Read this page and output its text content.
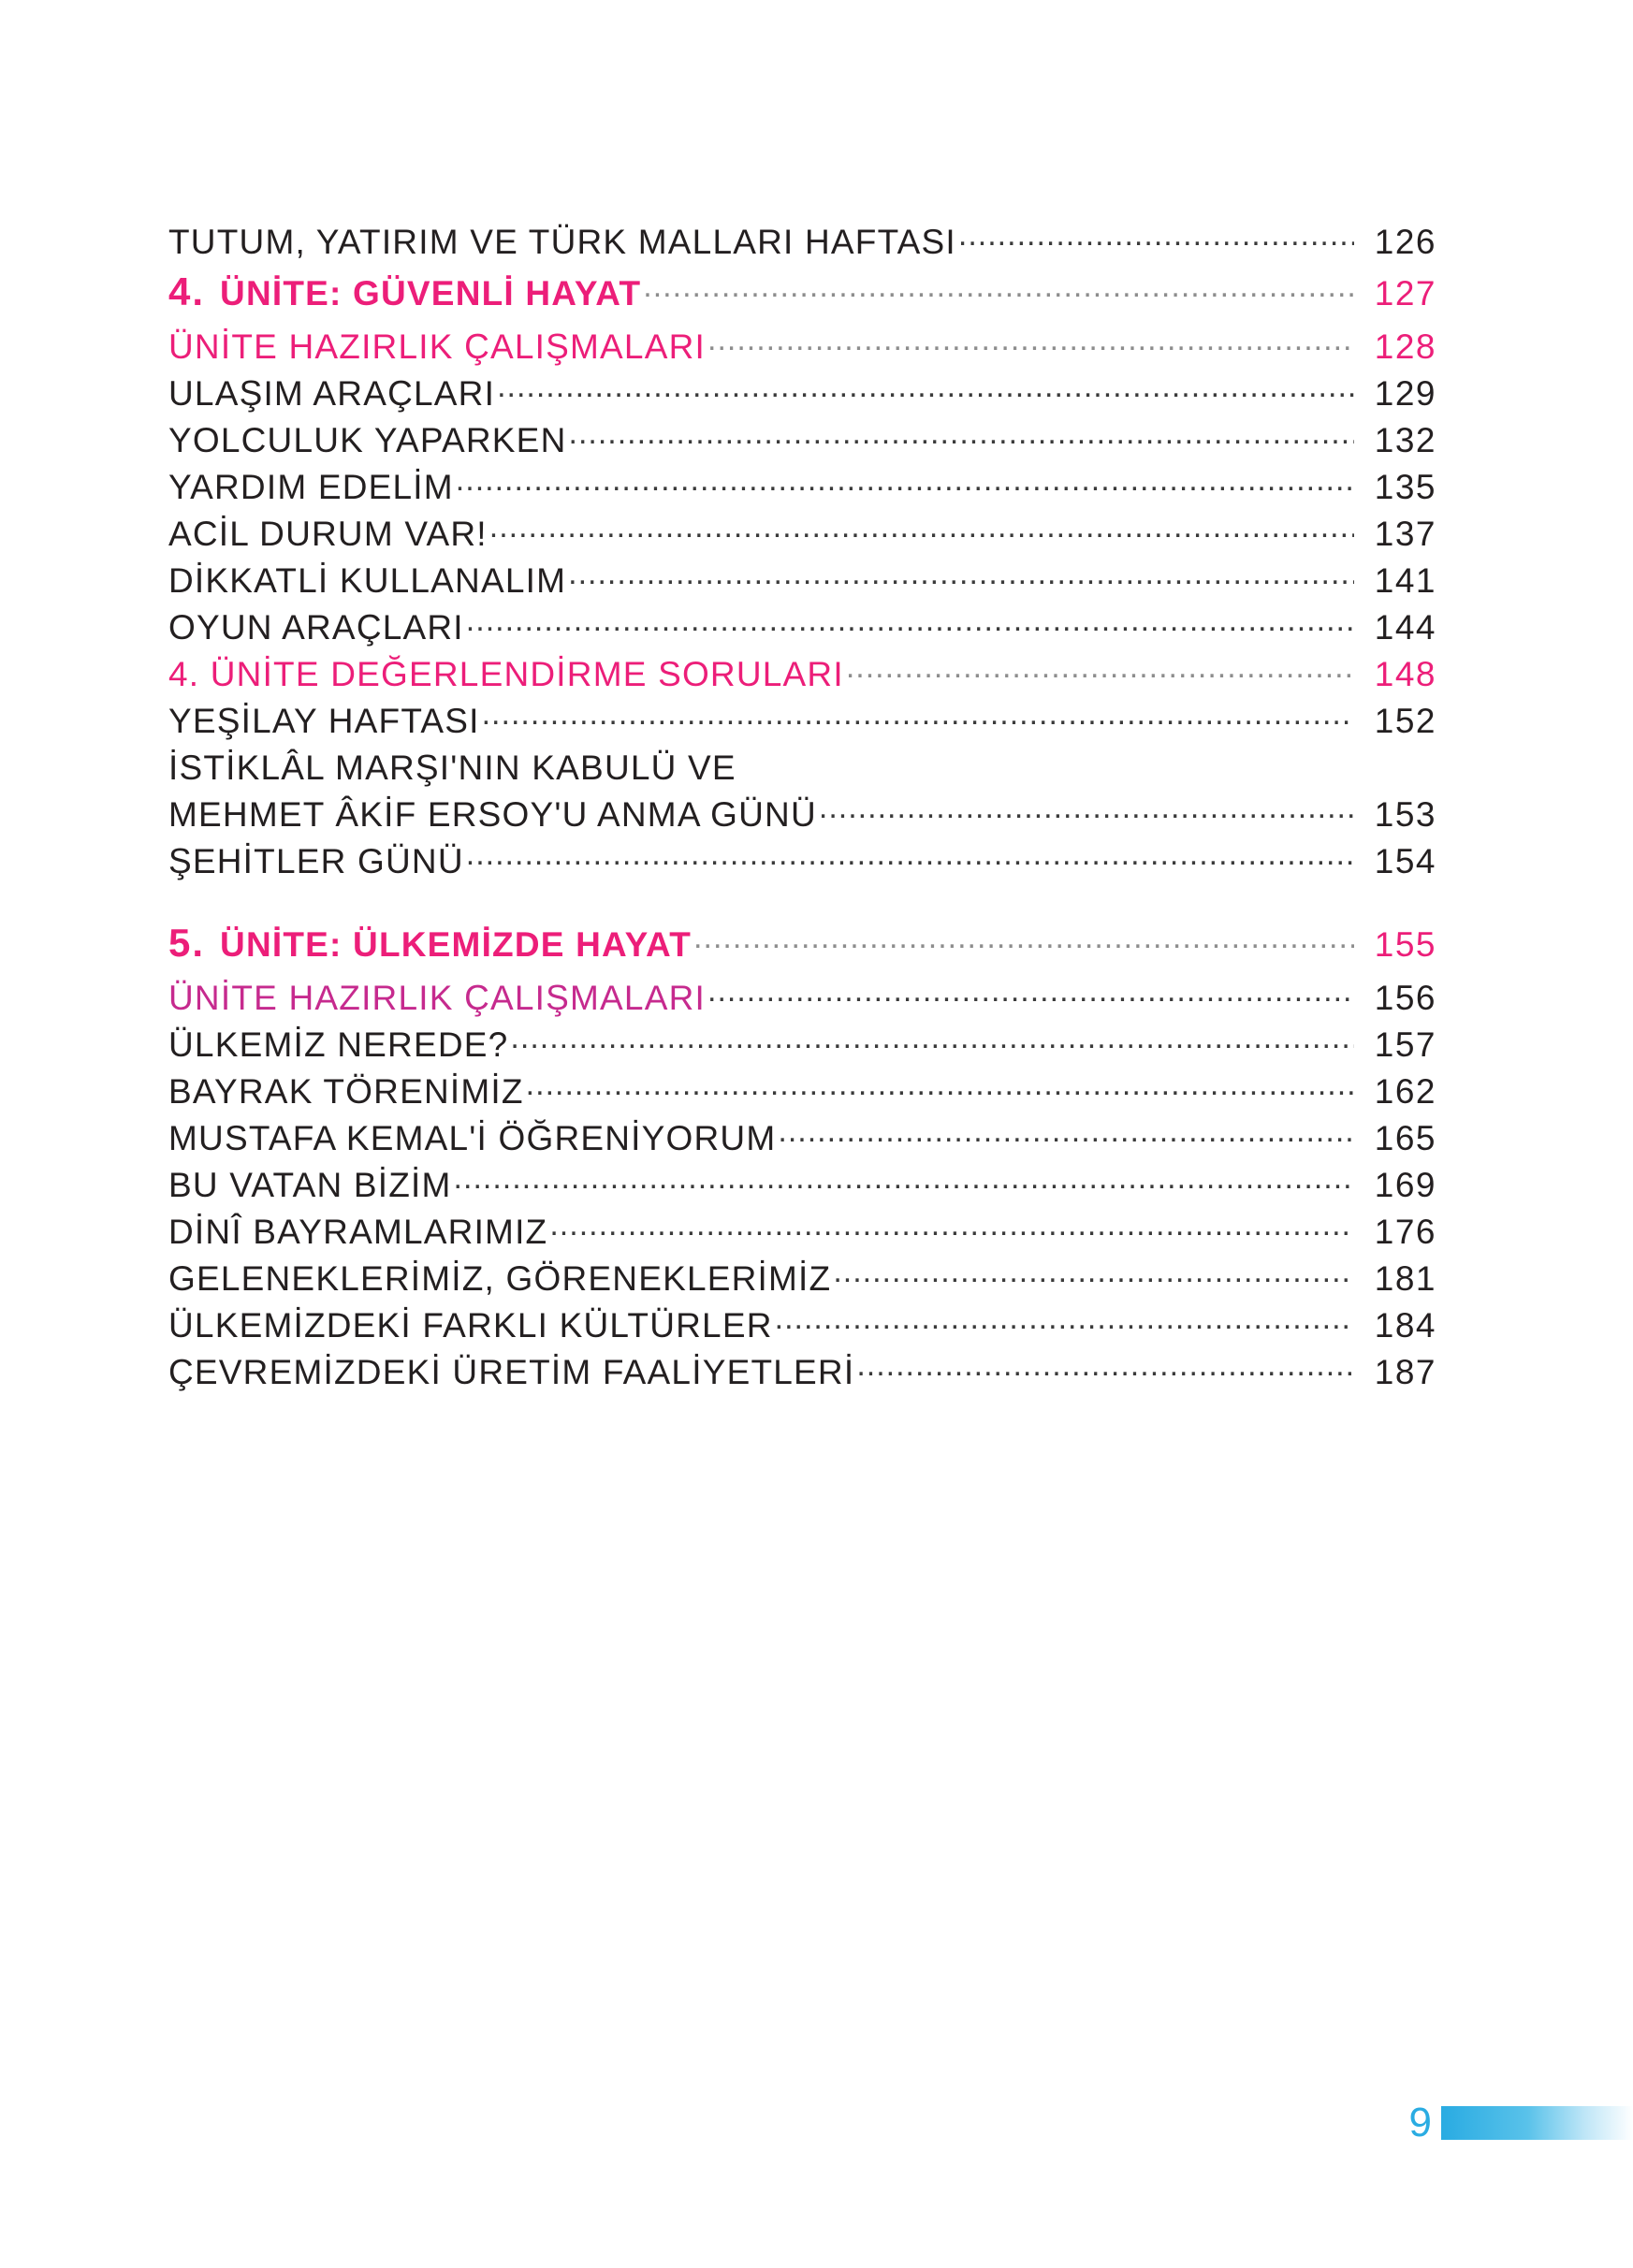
TUTUM, YATIRIM VE TÜRK MALLARI HAFTASI .....	126
4. ÜNİTE: GÜVENLİ HAYAT .....	127
ÜNİTE HAZIRLIK ÇALIŞMALARI .....	128
ULAŞIM ARAÇLARI .....	129
YOLCULUK YAPARKEN .....	132
YARDIM EDELİM .....	135
ACİL DURUM VAR! .....	137
DİKKATLİ KULLANALIM .....	141
OYUN ARAÇLARI .....	144
4. ÜNİTE DEĞERLENDİRME SORULARI .....	148
YEŞİLAY HAFTASI .....	152
İSTİKLÂL MARŞI'NIN KABULÜ VE
MEHMET ÂKİF ERSOY'U ANMA GÜNÜ .....	153
ŞEHİTLER GÜNÜ .....	154
5. ÜNİTE: ÜLKEMİZDE HAYAT .....	155
ÜNİTE HAZIRLIK ÇALIŞMALARI .....	156
ÜLKEMİZ NEREDE? .....	157
BAYRAK TÖRENİMİZ .....	162
MUSTAFA KEMAL'İ ÖĞRENİYORUM .....	165
BU VATAN BİZİM .....	169
DİNÎ BAYRAMLARIMIZ .....	176
GELENEKLERİMİZ, GÖRENEKLERİMİZ .....	181
ÜLKEMİZDEKİ FARKLI KÜLTÜRLER .....	184
ÇEVREMİZDEKİ ÜRETİM FAALİYETLERİ .....	187
9
